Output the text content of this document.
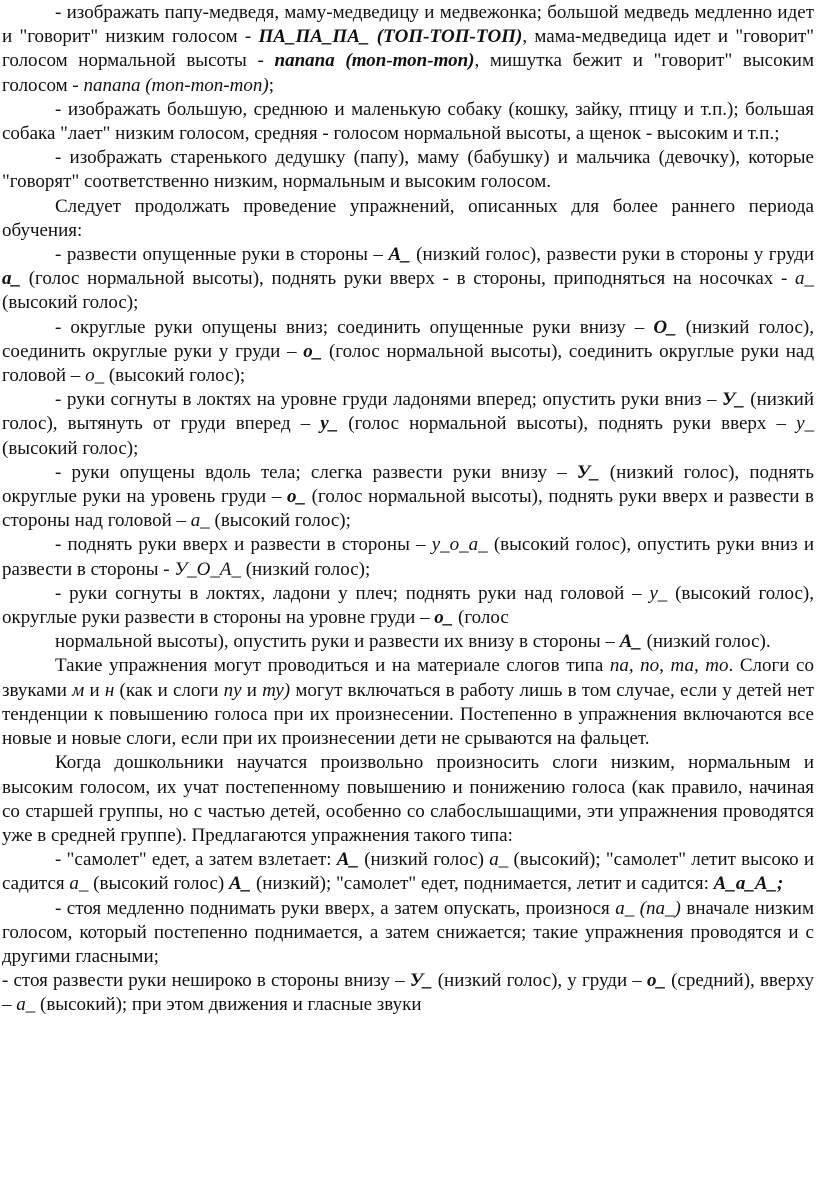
- изображать папу-медведя, маму-медведицу и медвежонка; большой медведь медленно идет и "говорит" низким голосом - ПА_ПА_ПА_ (ТОП-ТОП-ТОП), мама-медведица идет и "говорит" голосом нормальной высоты - папапа (топ-топ-топ), мишутка бежит и "говорит" высоким голосом - папапа (топ-топ-топ);

- изображать большую, среднюю и маленькую собаку (кошку, зайку, птицу и т.п.); большая собака "лает" низким голосом, средняя - голосом нормальной высоты, а щенок - высоким и т.п.;

- изображать старенького дедушку (папу), маму (бабушку) и мальчика (девочку), которые "говорят" соответственно низким, нормальным и высоким голосом.

Следует продолжать проведение упражнений, описанных для более раннего периода обучения:

- развести опущенные руки в стороны – А_ (низкий голос), развести руки в стороны у груди а_ (голос нормальной высоты), поднять руки вверх - в стороны, приподняться на носочках - а_ (высокий голос);

- округлые руки опущены вниз; соединить опущенные руки внизу – О_ (низкий голос), соединить округлые руки у груди – о_ (голос нормальной высоты), соединить округлые руки над головой – о_ (высокий голос);

- руки согнуты в локтях на уровне груди ладонями вперед; опустить руки вниз – У_ (низкий голос), вытянуть от груди вперед – у_ (голос нормальной высоты), поднять руки вверх – у_ (высокий голос);

- руки опущены вдоль тела; слегка развести руки внизу – У_ (низкий голос), поднять округлые руки на уровень груди – о_ (голос нормальной высоты), поднять руки вверх и развести в стороны над головой – а_ (высокий голос);

- поднять руки вверх и развести в стороны – у_о_а_ (высокий голос), опустить руки вниз и развести в стороны - У_О_А_ (низкий голос);

- руки согнуты в локтях, ладони у плеч; поднять руки над головой – у_ (высокий голос), округлые руки развести в стороны на уровне груди – о_ (голос

нормальной высоты), опустить руки и развести их внизу в стороны – А_ (низкий голос).

Такие упражнения могут проводиться и на материале слогов типа па, по, та, то. Слоги со звуками м и н (как и слоги пу и ту) могут включаться в работу лишь в том случае, если у детей нет тенденции к повышению голоса при их произнесении. Постепенно в упражнения включаются все новые и новые слоги, если при их произнесении дети не срываются на фальцет.

Когда дошкольники научатся произвольно произносить слоги низким, нормальным и высоким голосом, их учат постепенному повышению и понижению голоса (как правило, начиная со старшей группы, но с частью детей, особенно со слабослышащими, эти упражнения проводятся уже в средней группе). Предлагаются упражнения такого типа:

- "самолет" едет, а затем взлетает: А_ (низкий голос) а_ (высокий); "самолет" летит высоко и садится а_ (высокий голос) А_ (низкий); "самолет" едет, поднимается, летит и садится: А_а_А_;

- стоя медленно поднимать руки вверх, а затем опускать, произнося а_ (па_) вначале низким голосом, который постепенно поднимается, а затем снижается; такие упражнения проводятся и с другими гласными;

- стоя развести руки нешироко в стороны внизу – У_ (низкий голос), у груди – о_ (средний), вверху – а_ (высокий); при этом движения и гласные звуки
